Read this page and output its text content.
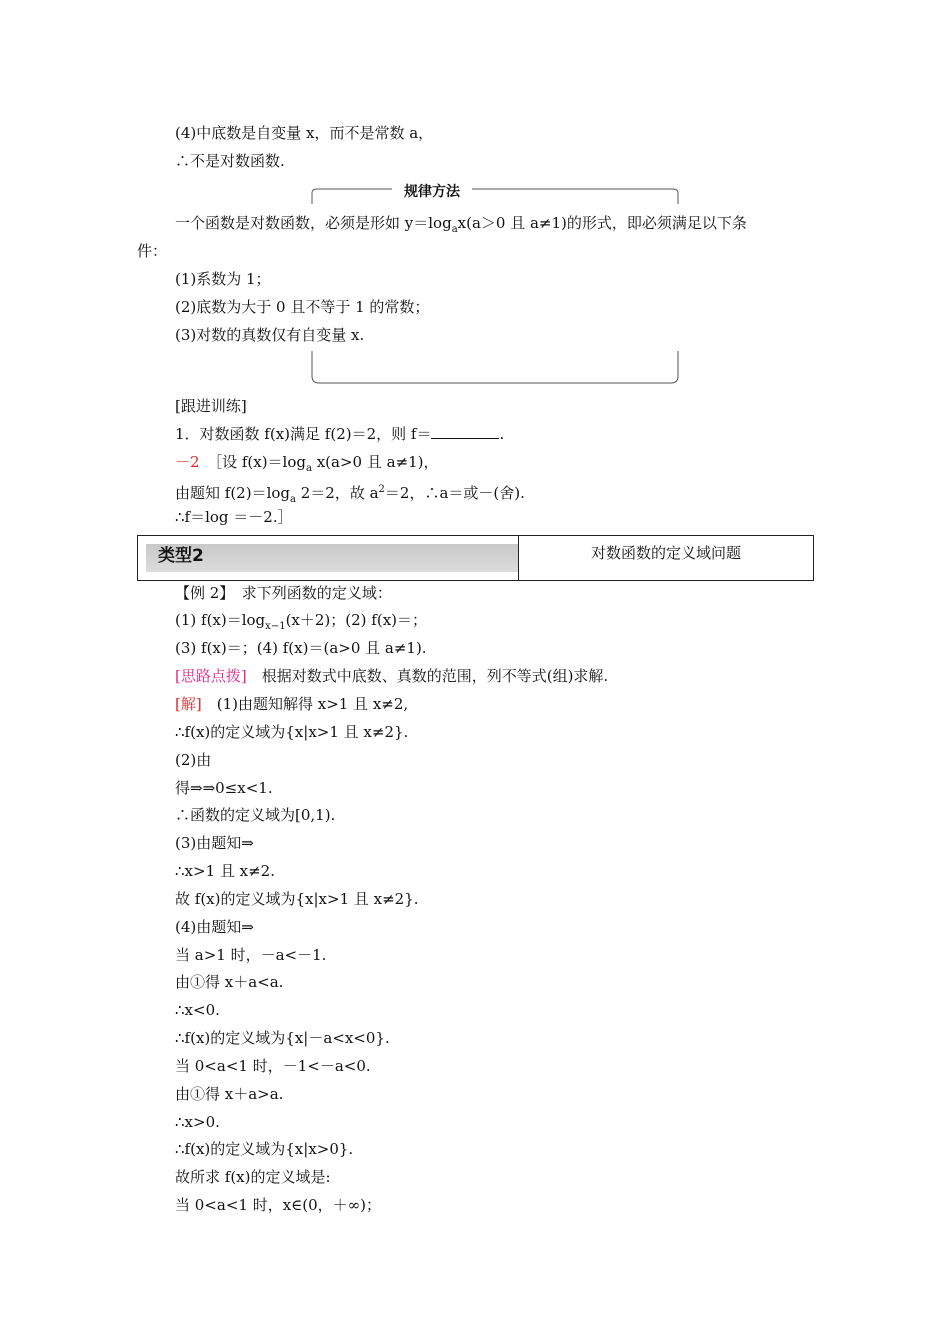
(4)中底数是自变量 x，而不是常数 a，
∴不是对数函数.
规律方法
一个函数是对数函数，必须是形如 $y=\log_ax(a>0$ 且 a≠1)的形式，即必须满足以下条
件：
(1)系数为 1；
(2)底数为大于 0 且不等于 1 的常数；
(3)对数的真数仅有自变量 x.
[跟进训练]
1．对数函数 f(x)满足 f(2)＝2，则 f＝	.
－2　 ［设 $f(x)=\log_a$ x(a>0 且 a≠1)，
由题知 $f(2)=\log_a$ 2＝2，故 $a^2=2$，∴a＝或－(舍).
∴f＝log ＝－2.］
类型2	对数函数的定义域问题
【例 2】　求下列函数的定义域：
(1) $f(x)=\log_{x-1}(x+2)$；(2) f(x)＝；
(3) f(x)＝；(4) f(x)＝(a>0 且 a≠1).
[思路点拨]　根据对数式中底数、真数的范围，列不等式(组)求解.
[解]　(1)由题知解得 x>1 且 x≠2,
∴f(x)的定义域为{x|x>1 且 x≠2}.
(2)由
得⇒⇒0≤x<1.
∴函数的定义域为[0,1).
(3)由题知⇒
∴x>1 且 x≠2.
故 f(x)的定义域为{x|x>1 且 x≠2}.
(4)由题知⇒
当 a>1 时，－a<－1.
由①得 x＋a<a.
∴x<0.
∴f(x)的定义域为{x|－a<x<0}.
当 0<a<1 时，－1<－a<0.
由①得 x＋a>a.
∴x>0.
∴f(x)的定义域为{x|x>0}.
故所求 f(x)的定义域是:
当 0<a<1 时，x∈(0，＋∞)；
